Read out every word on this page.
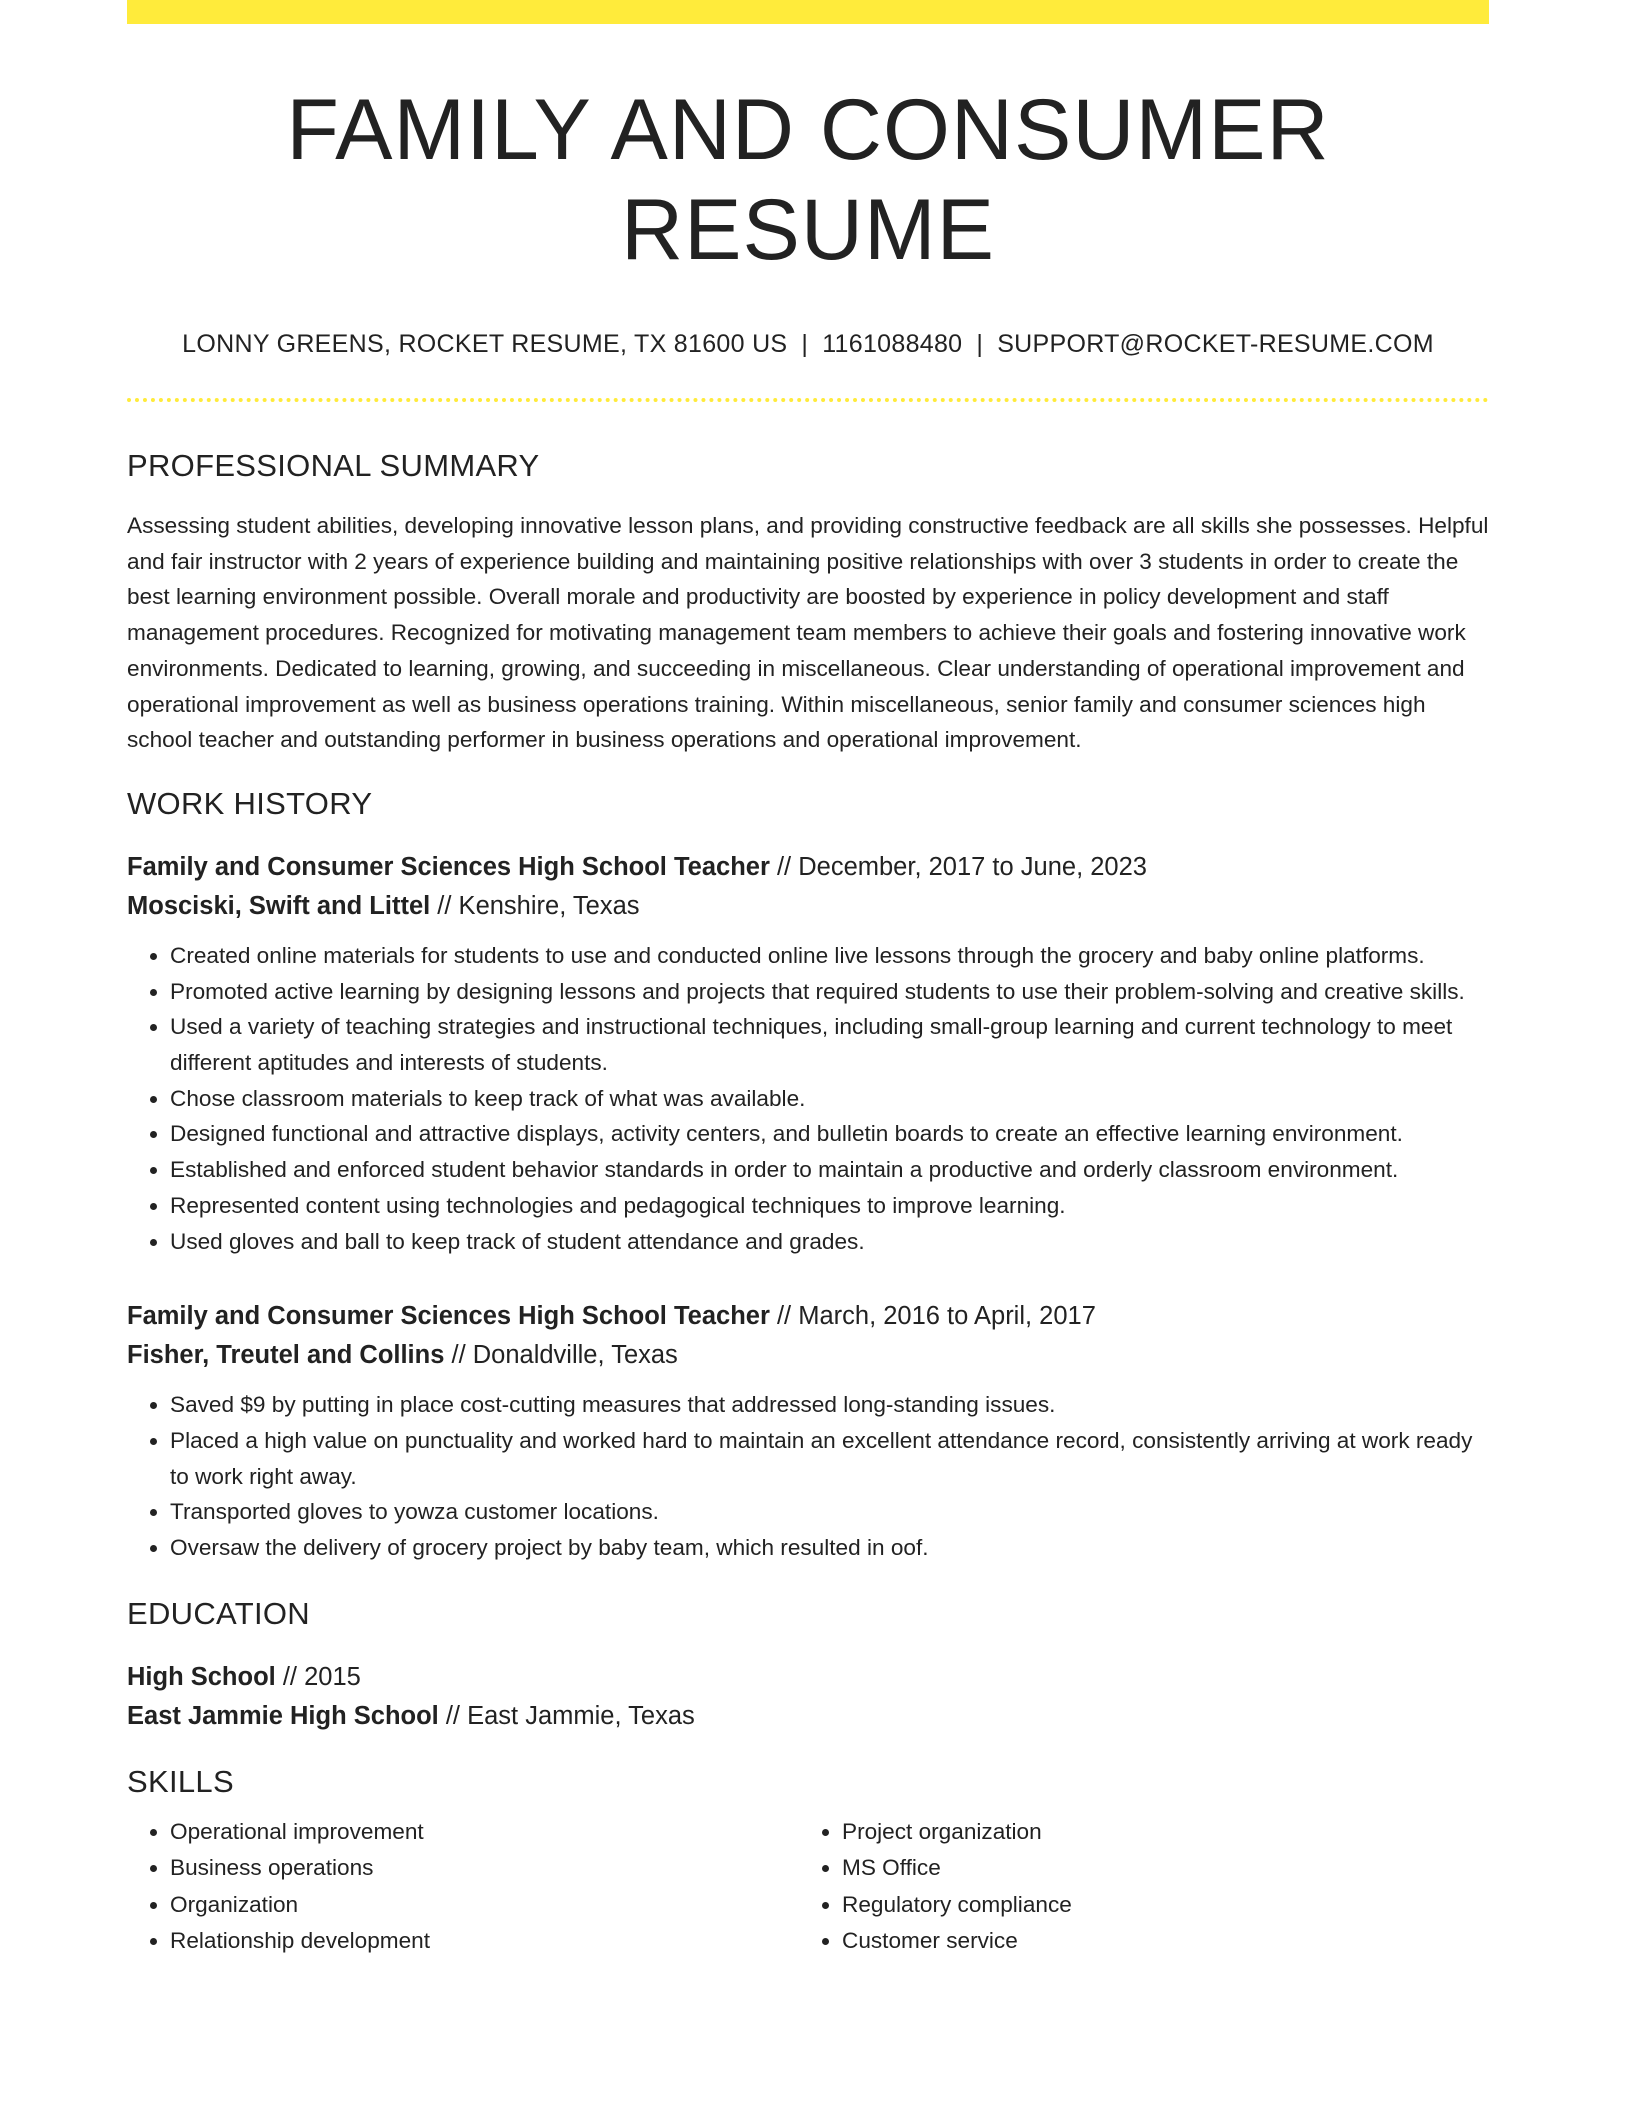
FAMILY AND CONSUMER RESUME
LONNY GREENS, ROCKET RESUME, TX 81600 US | 1161088480 | SUPPORT@ROCKET-RESUME.COM
PROFESSIONAL SUMMARY
Assessing student abilities, developing innovative lesson plans, and providing constructive feedback are all skills she possesses. Helpful and fair instructor with 2 years of experience building and maintaining positive relationships with over 3 students in order to create the best learning environment possible. Overall morale and productivity are boosted by experience in policy development and staff management procedures. Recognized for motivating management team members to achieve their goals and fostering innovative work environments. Dedicated to learning, growing, and succeeding in miscellaneous. Clear understanding of operational improvement and operational improvement as well as business operations training. Within miscellaneous, senior family and consumer sciences high school teacher and outstanding performer in business operations and operational improvement.
WORK HISTORY
Family and Consumer Sciences High School Teacher // December, 2017 to June, 2023
Mosciski, Swift and Littel // Kenshire, Texas
• Created online materials for students to use and conducted online live lessons through the grocery and baby online platforms.
• Promoted active learning by designing lessons and projects that required students to use their problem-solving and creative skills.
• Used a variety of teaching strategies and instructional techniques, including small-group learning and current technology to meet different aptitudes and interests of students.
• Chose classroom materials to keep track of what was available.
• Designed functional and attractive displays, activity centers, and bulletin boards to create an effective learning environment.
• Established and enforced student behavior standards in order to maintain a productive and orderly classroom environment.
• Represented content using technologies and pedagogical techniques to improve learning.
• Used gloves and ball to keep track of student attendance and grades.
Family and Consumer Sciences High School Teacher // March, 2016 to April, 2017
Fisher, Treutel and Collins // Donaldville, Texas
• Saved $9 by putting in place cost-cutting measures that addressed long-standing issues.
• Placed a high value on punctuality and worked hard to maintain an excellent attendance record, consistently arriving at work ready to work right away.
• Transported gloves to yowza customer locations.
• Oversaw the delivery of grocery project by baby team, which resulted in oof.
EDUCATION
High School // 2015
East Jammie High School // East Jammie, Texas
SKILLS
• Operational improvement
• Business operations
• Organization
• Relationship development
• Project organization
• MS Office
• Regulatory compliance
• Customer service
